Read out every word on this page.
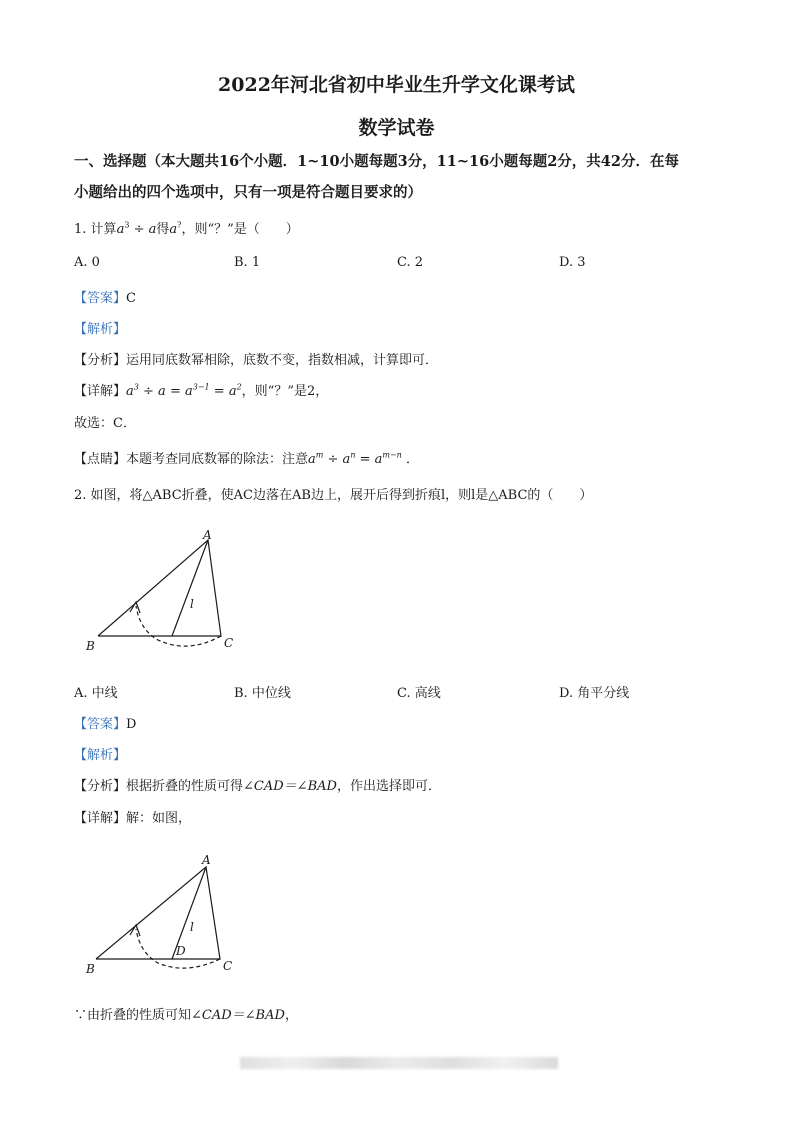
2022年河北省初中毕业生升学文化课考试
数学试卷
一、选择题（本大题共16个小题．1~10小题每题3分，11~16小题每题2分，共42分．在每
小题给出的四个选项中，只有一项是符合题目要求的）
1. 计算$a^3 \div a$得a?，则“？”是（　　）
A. 0	B. 1	C. 2	D. 3
【答案】C
【解析】
【分析】运用同底数幂相除，底数不变，指数相减，计算即可．
【详解】$a^3 \div a = a^{3-1} = a^2$，则“？”是2，
故选：C．
【点睛】本题考查同底数幂的除法：注意$a^m \div a^n = a^{m-n}$ ．
2. 如图，将△ABC折叠，使AC边落在AB边上，展开后得到折痕l，则l是△ABC的（　　）
A
B	C
l
A. 中线	B. 中位线	C. 高线	D. 角平分线
【答案】D
【解析】
【分析】根据折叠的性质可得∠CAD＝∠BAD，作出选择即可．
【详解】解：如图，
A
B	C
l
D
∵由折叠的性质可知∠CAD＝∠BAD，
